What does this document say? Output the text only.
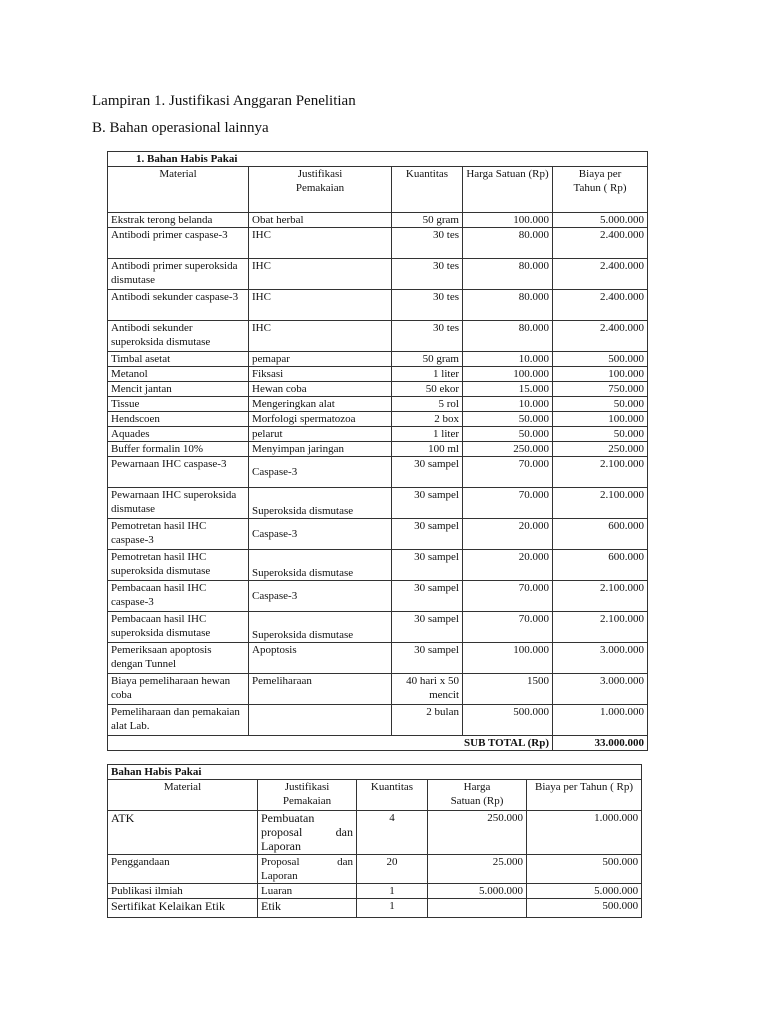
Lampiran 1. Justifikasi Anggaran Penelitian
B. Bahan operasional lainnya
1. Bahan Habis Pakai				
Material	Justifikasi Pemakaian	Kuantitas	Harga Satuan (Rp)	Biaya per Tahun ( Rp)
Ekstrak terong belanda	Obat herbal	50 gram	100.000	5.000.000
Antibodi primer caspase-3	IHC	30 tes	80.000	2.400.000
Antibodi primer superoksida dismutase	IHC	30 tes	80.000	2.400.000
Antibodi sekunder caspase-3	IHC	30 tes	80.000	2.400.000
Antibodi sekunder superoksida dismutase	IHC	30 tes	80.000	2.400.000
Timbal asetat	pemapar	50 gram	10.000	500.000
Metanol	Fiksasi	1 liter	100.000	100.000
Mencit jantan	Hewan coba	50 ekor	15.000	750.000
Tissue	Mengeringkan alat	5 rol	10.000	50.000
Hendscoen	Morfologi spermatozoa	2 box	50.000	100.000
Aquades	pelarut	1 liter	50.000	50.000
Buffer formalin 10%	Menyimpan jaringan	100 ml	250.000	250.000
Pewarnaan IHC caspase-3	Caspase-3	30 sampel	70.000	2.100.000
Pewarnaan IHC superoksida dismutase	Superoksida dismutase	30 sampel	70.000	2.100.000
Pemotretan hasil IHC caspase-3	Caspase-3	30 sampel	20.000	600.000
Pemotretan hasil IHC superoksida dismutase	Superoksida dismutase	30 sampel	20.000	600.000
Pembacaan hasil IHC caspase-3	Caspase-3	30 sampel	70.000	2.100.000
Pembacaan hasil IHC superoksida dismutase	Superoksida dismutase	30 sampel	70.000	2.100.000
Pemeriksaan apoptosis dengan Tunnel	Apoptosis	30 sampel	100.000	3.000.000
Biaya pemeliharaan hewan coba	Pemeliharaan	40 hari x 50 mencit	1500	3.000.000
Pemeliharaan dan pemakaian alat Lab.		2 bulan	500.000	1.000.000
SUB TOTAL (Rp)				33.000.000
Bahan Habis Pakai				
Material	Justifikasi Pemakaian	Kuantitas	Harga Satuan (Rp)	Biaya per Tahun ( Rp)
ATK	Pembuatan proposal dan Laporan	4	250.000	1.000.000
Penggandaan	Proposal dan Laporan	20	25.000	500.000
Publikasi ilmiah	Luaran	1	5.000.000	5.000.000
Sertifikat Kelaikan Etik	Etik	1		500.000
